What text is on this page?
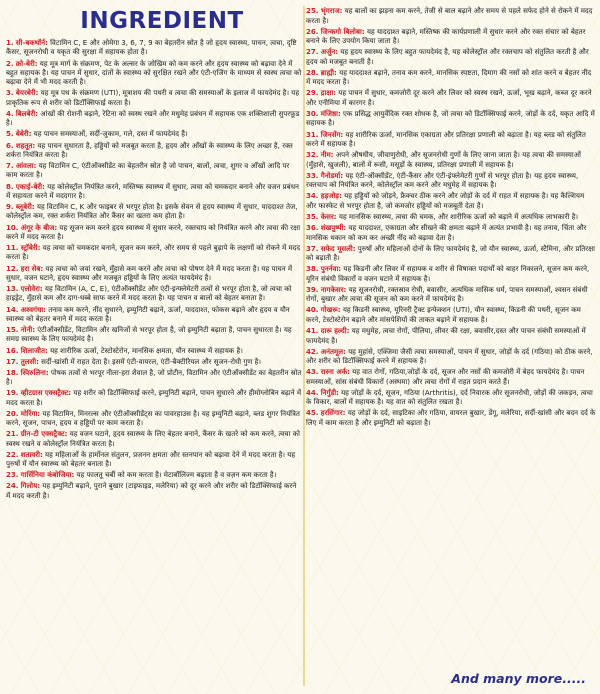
INGREDIENT
1. सी-बकथॉर्न: विटामिन C, E और ओमेगा 3, 6, 7, 9 का बेहतरीन स्रोत है जो हृदय स्वास्थ्य, पाचन, त्वचा, दृष्टि कैंसर, सूजनरोधी व यकृत की सुरक्षा में सहायक होता है।
2. क्रो-बेरी: यह मूत्र मार्ग के संक्रमण, पेट के अल्सर के जोखिम को कम करने और हृदय स्वास्थ्य को बढ़ावा देने में बहुत सहायक है। यह पाचन में सुधार, दांतों के स्वास्थ्य को सुरक्षित रखने और एंटी-एजिंग के माध्यम से स्वस्थ त्वचा को बढ़ावा देने में भी मदद करती है।
3. बेयरबेरी: यह मूत्र पथ के संक्रमण (UTI), मूत्राशय की पथरी व त्वचा की समस्याओं के इलाज में फायदेमंद है। यह प्राकृतिक रूप से शरीर को डिटॉक्सिफाई करता है।
4. बिलबेरी: आंखों की रोशनी बढ़ाने, रेटिना को स्वस्थ रखने और मधुमेह प्रबंधन में सहायक एक शक्तिशाली सुपरफ़ूड है।
5. बेबेरी: यह पाचन समस्याओं, सर्दी-जुकाम, गले, दस्त में फायदेमंद है।
6. शहतूत: यह पाचन सुधारता है, हड्डियों को मजबूत करता है, हृदय और आँखों के स्वास्थ्य के लिए अच्छा है, रक्त शर्करा नियंत्रित करता है।
7. आंवला: यह विटामिन C, एंटीऑक्सीडेंट का बेहतरीन स्रोत है जो पाचन, बालों, त्वचा, शुगर व आँखों आदि पर काम करता है।
8. एकाई-बेरी: यह कोलेस्ट्रॉल नियंत्रित करने, मस्तिष्क स्वास्थ्य में सुधार, त्वचा को चमकदार बनाने और वजन प्रबंधन में सहायता करने में मददगार है।
9. ब्लूबेरी: यह विटामिन C, K और फाइबर से भरपूर होता है। इसके सेवन से हृदय स्वास्थ्य में सुधार, याददाश्त तेज, कोलेस्ट्रॉल कम, रक्त शर्करा नियंत्रित और कैंसर का खतरा कम होता है।
10. अंगूर के बीज: यह सूजन कम करने हृदय स्वास्थ्य में सुधार करने, रक्तचाप को नियंत्रित करने और त्वचा की रक्षा करने में मदद करता है।
11. स्ट्रॉबेरी: यह त्वचा को चमकदार बनाने, सूजन कम करने, और समय से पहले बुढ़ापे के लक्षणों को रोकने में मदद करता है।
12. हरा सेब: यह त्वचा को जवां रखने, मुँहासे कम करने और त्वचा को पोषण देने में मदद करता है। यह पाचन में सुधार, वजन घटाने, हृदय स्वास्थ्य और मजबूत हड्डियों के लिए अत्यंत फायदेमंद है।
13. एलोवेरा: यह विटामिन (A, C, E), एंटीऑक्सीडेंट और एंटी-इन्फ्लेमेटरी तत्वों से भरपूर होता है, जो त्वचा को हाइड्रेट, मुँहासे कम और दाग-धब्बे साफ करने में मदद करता है। यह पाचन व बालों को बेहतर बनाता है।
14. अश्वगंधा: तनाव कम करने, नींद सुधारने, इम्युनिटी बढ़ाने, ऊर्जा, याददाश्त, फोकस बढ़ाने और हृदय व यौन स्वास्थ्य को बेहतर बनाने में मदद करता है।
15. नोनी: एंटीऑक्सीडेंट, विटामिन और खनिजों से भरपूर होता है, जो इम्युनिटी बढ़ाता है, पाचन सुधारता है। यह समग्र स्वास्थ्य के लिए फायदेमंद है।
16. शिलाजीत: यह शारीरिक ऊर्जा, टेस्टोस्टेरोन, मानसिक क्षमता, यौन स्वास्थ्य में सहायक है।
17. तुलसी: सर्दी-खांसी में राहत देता है। इसमें एंटी-वायरल, एंटी-बैक्टीरियल और सूजन-रोधी गुण है।
18. स्पिरुलिना: पोषक तत्वों से भरपूर नीला-हरा शैवाल है, जो प्रोटीन, विटामिन और एंटीऑक्सीडेंट का बेहतरीन स्रोत है।
19. व्हीटग्रास एक्सट्रैक्ट: यह शरीर को डिटॉक्सिफाई करने, इम्युनिटी बढ़ाने, पाचन सुधारने और हीमोग्लोबिन बढ़ाने में मदद करता है।
20. मोरिंगा: यह विटामिन, मिनरल्स और एंटीऑक्सीडेंट्स का पावरहाउस है। यह इम्युनिटी बढ़ाने, ब्लड शुगर नियंत्रित करने, सूजन, पाचन, हृदय व हड्डियों पर काम करता है।
21. ग्रीन-टी एक्सट्रैक्ट: यह वजन घटाने, हृदय स्वास्थ्य के लिए बेहतर बनाने, कैंसर के खतरे को कम करने, त्वचा को स्वस्थ रखने व कोलेस्ट्रॉल नियंत्रित करता है।
22. शतावरी: यह महिलाओं के हार्मोनल संतुलन, प्रजनन क्षमता और स्तनपान को बढ़ावा देने में मदद करता है। यह पुरुषों में यौन स्वास्थ्य को बेहतर बनाता है।
23. गार्सिनिया कंबोजिया: यह फालतू चर्बी को कम करता है। मेटाबॉलिज्म बढ़ाता है व वज़न कम करता है।
24. गिलोय: यह इम्युनिटी बढ़ाने, पुराने बुखार (टाइफाइड, मलेरिया) को दूर करने और शरीर को डिटॉक्सिफाई करने में मदद करती है।
25. भृंगराज: यह बालों का झड़ना कम करने, तेजी से बाल बढ़ाने और समय से पहले सफेद होने से रोकने में मदद करता है।
26. जिन्कगो बिलोबा: यह याददाश्त बढ़ाने, मस्तिष्क की कार्यप्रणाली में सुधार करने और रक्त संचार को बेहतर बनाने के लिए उपयोग किया जाता है।
27. अर्जुन: यह हृदय स्वास्थ्य के लिए बहुत फायदेमंद है, यह कोलेस्ट्रॉल और रक्तचाप को संतुलित करती है और हृदय को मजबूत बनाती है।
28. ब्राह्मी: यह याददाश्त बढ़ाने, तनाव कम करने, मानसिक स्पष्टता, दिमाग की नसों को शांत करने व बेहतर नींद में मदद करता है।
29. द्राक्षा: यह पाचन में सुधार, कमजोरी दूर करने और लिवर को स्वस्थ रखने, ऊर्जा, भूख बढ़ाने, कब्ज दूर करने और एनीमिया में कारगर है।
30. मंजिष्ठा: एक प्रसिद्ध आयुर्वेदिक रक्त शोधक है, जो त्वचा को डिटॉक्सिफाई करने, जोड़ों के दर्द, यकृत आदि में सहायक है।
31. जिनसेंग: यह शारीरिक ऊर्जा, मानसिक एकाग्रता और प्रतिरक्षा प्रणाली को बढ़ाता है। यह ब्लड को संतुलित करने में सहायक है।
32. नीम: अपने औषधीय, जीवाणुरोधी, और सूजनरोधी गुणों के लिए जाना जाता है। यह त्वचा की समस्याओं (मुँहासे, खुजली), बालों में रूसी, मसूड़ों के स्वास्थ्य, प्रतिरक्षा प्रणाली में सहायक है।
33. गैनोडर्मा: यह एंटी-ऑक्सीडेंट, एंटी-कैंसर और एंटी-इंफ्लेमेटरी गुणों से भरपूर होता है। यह हृदय स्वास्थ्य, रक्तचाप को नियंत्रित करने, कोलेस्ट्रॉल कम करने और मधुमेह में सहायक है।
34. हड़जोड़: यह हड्डियों को जोड़ने, फ्रैक्चर ठीक करने और जोड़ों के दर्द में राहत में सहायक है। यह कैल्शियम और फास्फेट से भरपूर होता है, जो कमजोर हड्डियों को मजबूती देता है।
35. केसर: यह मानसिक स्वास्थ्य, त्वचा की चमक, और शारीरिक ऊर्जा को बढ़ाने में अत्यधिक लाभकारी है।
36. शंखपुष्पी: यह याददाश्त, एकाग्रता और सीखने की क्षमता बढ़ाने में अत्यंत प्रभावी है। यह तनाव, चिंता और मानसिक थकान को कम कर अच्छी नींद को बढ़ावा देता है।
37. सफेद मूसली: पुरुषों और महिलाओं दोनों के लिए फायदेमंद है, जो यौन स्वास्थ्य, ऊर्जा, स्टैमिना, और प्रतिरक्षा को बढ़ाती है।
38. पुनर्नवा: यह किडनी और लिवर में सहायक व शरीर से विषाक्त पदार्थों को बाहर निकालने, सूजन कम करने, यूरिन संबंधी विकारों व वजन घटाने में सहायक है।
39. नागकेसर: यह सूजनरोधी, रक्तस्राव रोधी, बवासीर, अत्यधिक मासिक धर्म, पाचन समस्याओं, श्वसन संबंधी रोगों, बुखार और त्वचा की सूजन को कम करने में फायदेमंद है।
40. गोखरू: यह किडनी स्वास्थ्य, यूरिनरी ट्रैक्ट इन्फेक्शन (UTI), यौन स्वास्थ्य, किडनी की पथरी, सूजन कम करने, टेस्टोस्टेरोन बढ़ाने और मांसपेशियों की ताकत बढ़ाने में सहायक है।
41. दारू हल्दी: यह मधुमेह, त्वचा रोगों, पीलिया, लीवर की रक्षा, बवासीर,दस्त और पाचन संबंधी समस्याओं में फायदेमंद है।
42. अनंतमूल: यह मुहांसे, एक्जिमा जैसी त्वचा समस्याओं, पाचन में सुधार, जोड़ों के दर्द (गठिया) को ठीक करने, और शरीर को डिटॉक्सिफाई करने में सहायक है।
43. रास्ना अर्क: यह वात रोगों, गठिया,जोड़ों के दर्द, सूजन और नसों की कमजोरी में बेहद फायदेमंद है। पाचन समस्याओं, सांस संबंधी विकारों (अस्थमा) और त्वचा रोगों में राहत प्रदान करते हैं।
44. निर्गुंडी: यह जोड़ों के दर्द, सूजन, गठिया (Arthritis), दर्द निवारक और सूजनरोधी, जोड़ों की जकड़न, त्वचा के विकार, बालों में सहायक है। यह वात को संतुलित रखता है।
45. हरसिंगार: यह जोड़ों के दर्द, साइटिका और गठिया, वायरल बुखार, डेंगू, मलेरिया, सर्दी-खांसी और बदन दर्द के लिए में काम करता है और इम्युनिटी को बढ़ाता है।
And many more.....
